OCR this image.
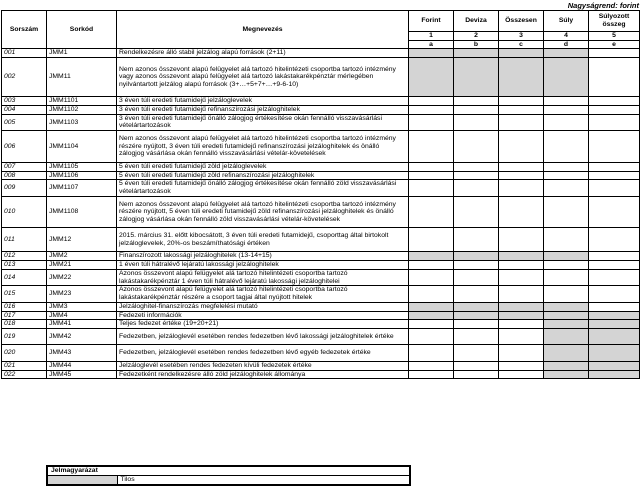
Nagyságrend: forint
Sorszám	Sorkód	Megnevezés	Forint	Deviza	Összesen	Súly	Súlyozott összeg
			1	2	3	4	5
			a	b	c	d	e
001	JMM1	Rendelkezésre álló stabil jelzálog alapú források (2+11)					
002	JMM11	Nem azonos összevont alapú felügyelet alá tartozó hitelintézeti csoportba tartozó intézmény vagy azonos összevont alapú felügyelet alá tartozó lakástakarékpénztár mérlegében nyilvántartott jelzálog alapú források (3+…+5+7+…+9-6-10)					
003	JMM1101	3 éven túli eredeti futamidejű jelzáloglevelek					
004	JMM1102	3 éven túli eredeti futamidejű refinanszírozási jelzáloghitelek					
005	JMM1103	3 éven túli eredeti futamidejű önálló zálogjog értékesítése okán fennálló visszavásárlási vételártartozások					
006	JMM1104	Nem azonos összevont alapú felügyelet alá tartozó hitelintézeti csoportba tartozó intézmény részére nyújtott, 3 éven túli eredeti futamidejű refinanszírozási jelzáloghitelek és önálló zálogjog vásárlása okán fennálló visszavásárlási vételár-követelések					
007	JMM1105	5 éven túli eredeti futamidejű zöld jelzáloglevelek					
008	JMM1106	5 éven túli eredeti futamidejű zöld refinanszírozási jelzáloghitelek					
009	JMM1107	5 éven túli eredeti futamidejű önálló zálogjog értékesítése okán fennálló zöld visszavásárlási vételártartozások					
010	JMM1108	Nem azonos összevont alapú felügyelet alá tartozó hitelintézeti csoportba tartozó intézmény részére nyújtott, 5 éven túli eredeti futamidejű zöld refinanszírozási jelzáloghitelek és önálló zálogjog vásárlása okán fennálló zöld visszavásárlási vételár-követelések					
011	JMM12	2015. március 31. előtt kibocsátott, 3 éven túli eredeti futamidejű, csoporttag által birtokolt jelzáloglevelek, 20%-os beszámíthatósági értéken					
012	JMM2	Finanszírozott lakossági jelzáloghitelek (13-14+15)					
013	JMM21	1 éven túli hátralévő lejáratú lakossági jelzáloghitelek					
014	JMM22	Azonos összevont alapú felügyelet alá tartozó hitelintézeti csoportba tartozó lakástakarékpénztár 1 éven túli hátralévő lejáratú lakossági jelzáloghitelei					
015	JMM23	Azonos összevont alapú felügyelet alá tartozó hitelintézeti csoportba tartozó lakástakarékpénztár részére a csoport tagjai által nyújtott hitelek					
016	JMM3	Jelzáloghitel-finanszírozás megfelelési mutató					
017	JMM4	Fedezeti információk					
018	JMM41	Teljes fedezet értéke (19+20+21)					
019	JMM42	Fedezetben, jelzáloglevél esetében rendes fedezetben lévő lakossági jelzáloghitelek értéke					
020	JMM43	Fedezetben, jelzáloglevél esetében rendes fedezetben lévő egyéb fedezetek értéke					
021	JMM44	Jelzáloglevél esetében rendes fedezeten kívüli fedezetek értéke					
022	JMM45	Fedezetként rendelkezésre álló zöld jelzáloghitelek állománya					
Jelmagyarázat
	Tilos
